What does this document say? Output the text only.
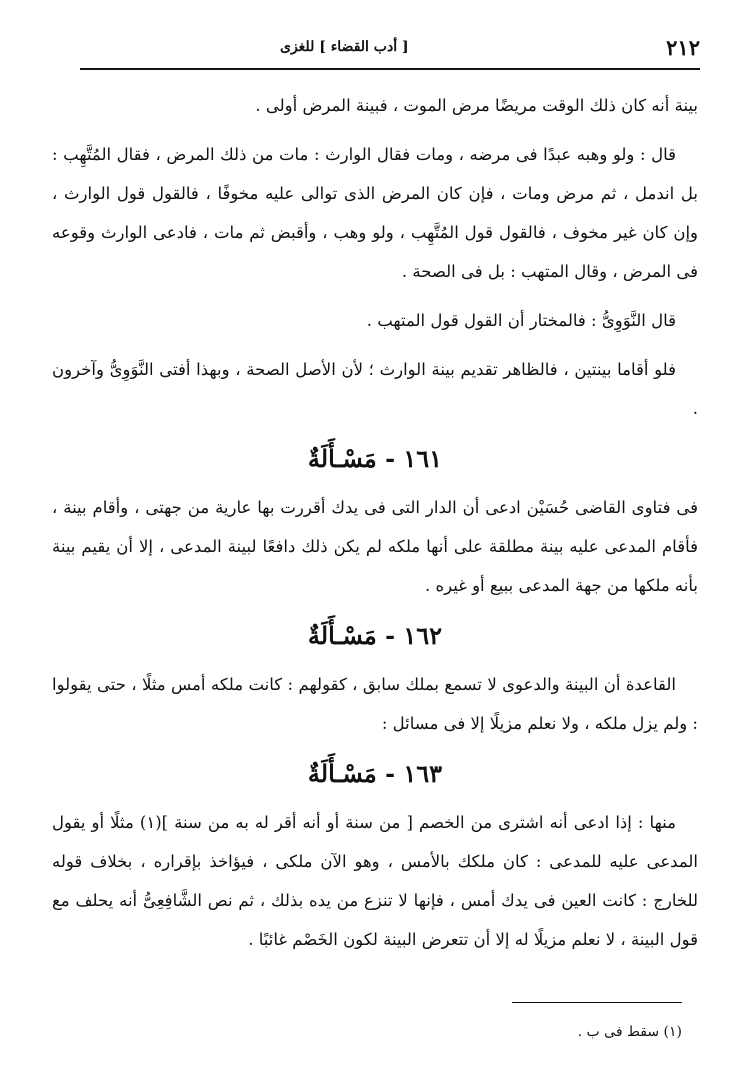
٢١٢
[ أدب القضاء ] للغزى

بينة أنه كان ذلك الوقت مريضًا مرض الموت ، فبينة المرض أولى .

قال : ولو وهبه عبدًا فى مرضه ، ومات فقال الوارث : مات من ذلك المرض ، فقال المُتَّهِب : بل اندمل ، ثم مرض ومات ، فإن كان المرض الذى توالى عليه مخوفًا ، فالقول قول الوارث ، وإن كان غير مخوف ، فالقول قول المُتَّهِب ، ولو وهب ، وأقبض ثم مات ، فادعى الوارث وقوعه فى المرض ، وقال المتهب : بل فى الصحة .

قال النَّوَوِىُّ : فالمختار أن القول قول المتهب .

فلو أقاما بينتين ، فالظاهر تقديم بينة الوارث ؛ لأن الأصل الصحة ، وبهذا أفتى النَّوَوِىُّ وآخرون .

١٦١ - مَسْـأَلَةٌ

فى فتاوى القاضى حُسَيْن ادعى أن الدار التى فى يدك أقررت بها عارية من جهتى ، وأقام بينة ، فأقام المدعى عليه بينة مطلقة على أنها ملكه لم يكن ذلك دافعًا لبينة المدعى ، إلا أن يقيم بينة بأنه ملكها من جهة المدعى ببيع أو غيره .

١٦٢ - مَسْـأَلَةٌ

القاعدة أن البينة والدعوى لا تسمع بملك سابق ، كقولهم : كانت ملكه أمس مثلًا ، حتى يقولوا : ولم يزل ملكه ، ولا نعلم مزيلًا إلا فى مسائل :

١٦٣ - مَسْـأَلَةٌ

منها : إذا ادعى أنه اشترى من الخصم [ من سنة أو أنه أقر له به من سنة ](١) مثلًا أو يقول المدعى عليه للمدعى : كان ملكك بالأمس ، وهو الآن ملكى ، فيؤاخذ بإقراره ، بخلاف قوله للخارج : كانت العين فى يدك أمس ، فإنها لا تنزع من يده بذلك ، ثم نص الشَّافِعِىُّ أنه يحلف مع قول البينة ، لا نعلم مزيلًا له إلا أن تتعرض البينة لكون الخَصْم غائبًا .

(١) سقط فى ب .
